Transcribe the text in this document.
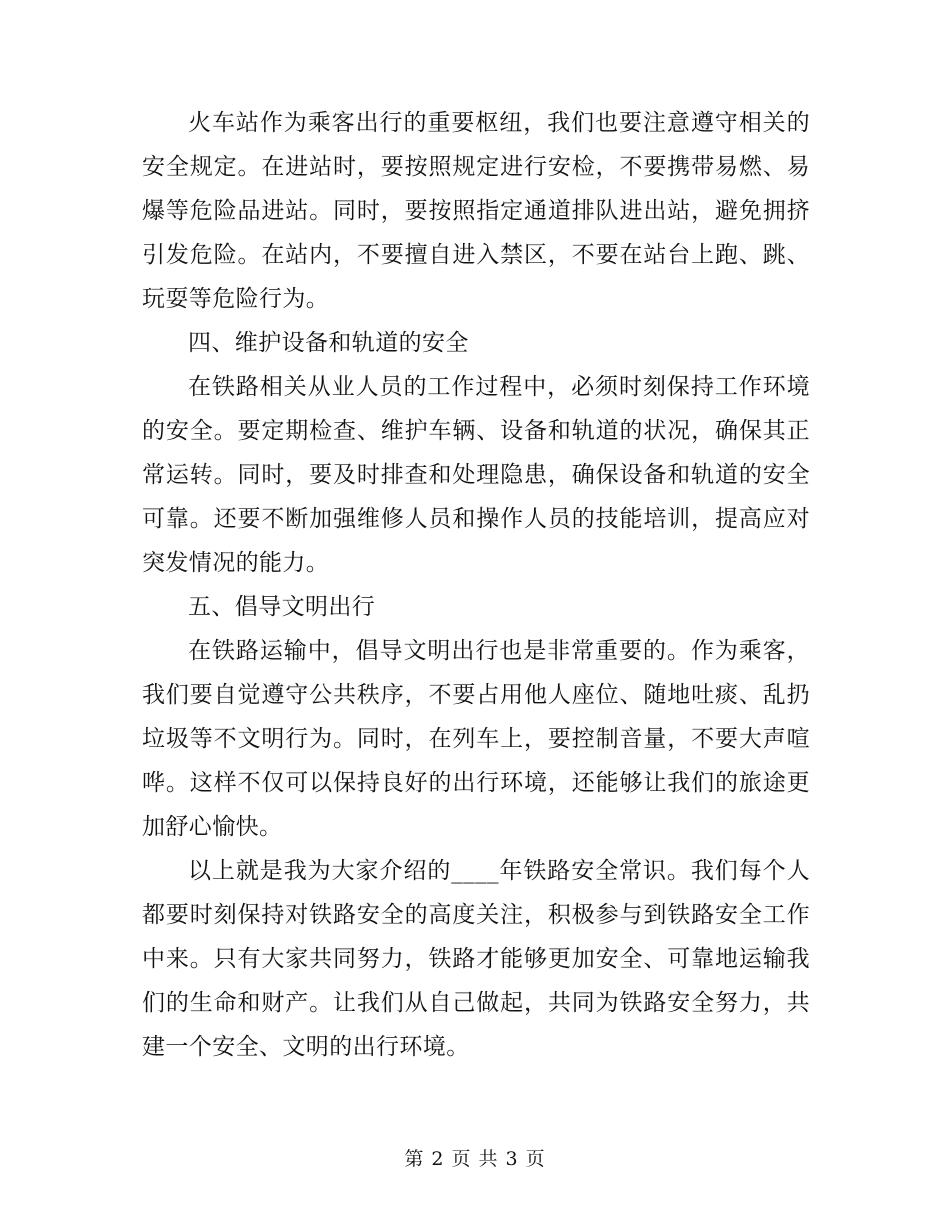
火车站作为乘客出行的重要枢纽，我们也要注意遵守相关的安全规定。在进站时，要按照规定进行安检，不要携带易燃、易爆等危险品进站。同时，要按照指定通道排队进出站，避免拥挤引发危险。在站内，不要擅自进入禁区，不要在站台上跑、跳、玩耍等危险行为。

四、维护设备和轨道的安全

在铁路相关从业人员的工作过程中，必须时刻保持工作环境的安全。要定期检查、维护车辆、设备和轨道的状况，确保其正常运转。同时，要及时排查和处理隐患，确保设备和轨道的安全可靠。还要不断加强维修人员和操作人员的技能培训，提高应对突发情况的能力。

五、倡导文明出行

在铁路运输中，倡导文明出行也是非常重要的。作为乘客，我们要自觉遵守公共秩序，不要占用他人座位、随地吐痰、乱扔垃圾等不文明行为。同时，在列车上，要控制音量，不要大声喧哗。这样不仅可以保持良好的出行环境，还能够让我们的旅途更加舒心愉快。

以上就是我为大家介绍的____年铁路安全常识。我们每个人都要时刻保持对铁路安全的高度关注，积极参与到铁路安全工作中来。只有大家共同努力，铁路才能够更加安全、可靠地运输我们的生命和财产。让我们从自己做起，共同为铁路安全努力，共建一个安全、文明的出行环境。

第 2 页 共 3 页
